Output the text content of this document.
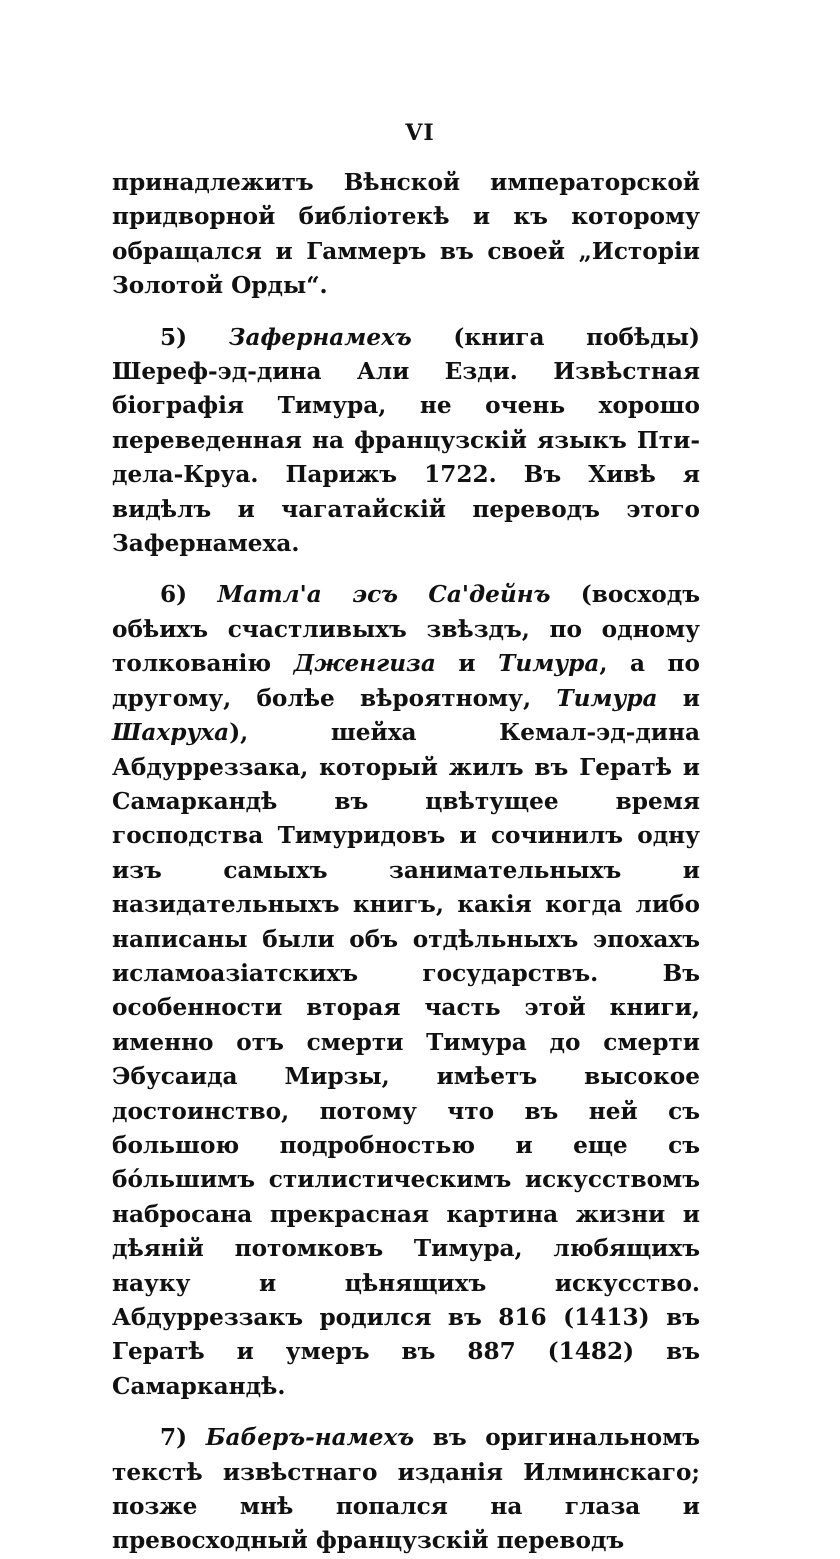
VI

принадлежитъ Вѣнской императорской придворной библіотекѣ и къ которому обращался и Гаммеръ въ своей „Исторіи Золотой Орды“.

5) Зафернамехъ (книга побѣды) Шереф-эд-дина Али Езди. Извѣстная біографія Тимура, не очень хорошо переведенная на французскій языкъ Пти-дела-Круа. Парижъ 1722. Въ Хивѣ я видѣлъ и чагатайскій переводъ этого Зафернамеха.

6) Матл'а эсъ Са'дейнъ (восходъ обѣихъ счастливыхъ звѣздъ, по одному толкованію Дженгиза и Тимура, а по другому, болѣе вѣроятному, Тимура и Шахруха), шейха Кемал-эд-дина Абдурреззака, который жилъ въ Гератѣ и Самаркандѣ въ цвѣтущее время господства Тимуридовъ и сочинилъ одну изъ самыхъ занимательныхъ и назидательныхъ книгъ, какія когда либо написаны были объ отдѣльныхъ эпохахъ исламоазіатскихъ государствъ. Въ особенности вторая часть этой книги, именно отъ смерти Тимура до смерти Эбусаида Мирзы, имѣетъ высокое достоинство, потому что въ ней съ большою подробностью и еще съ бóльшимъ стилистическимъ искусствомъ набросана прекрасная картина жизни и дѣяній потомковъ Тимура, любящихъ науку и цѣнящихъ искусство. Абдурреззакъ родился въ 816 (1413) въ Гератѣ и умеръ въ 887 (1482) въ Самаркандѣ.

7) Баберъ-намехъ въ оригинальномъ текстѣ извѣстнаго изданія Илминскаго; позже мнѣ попался на глаза и превосходный французскій переводъ
